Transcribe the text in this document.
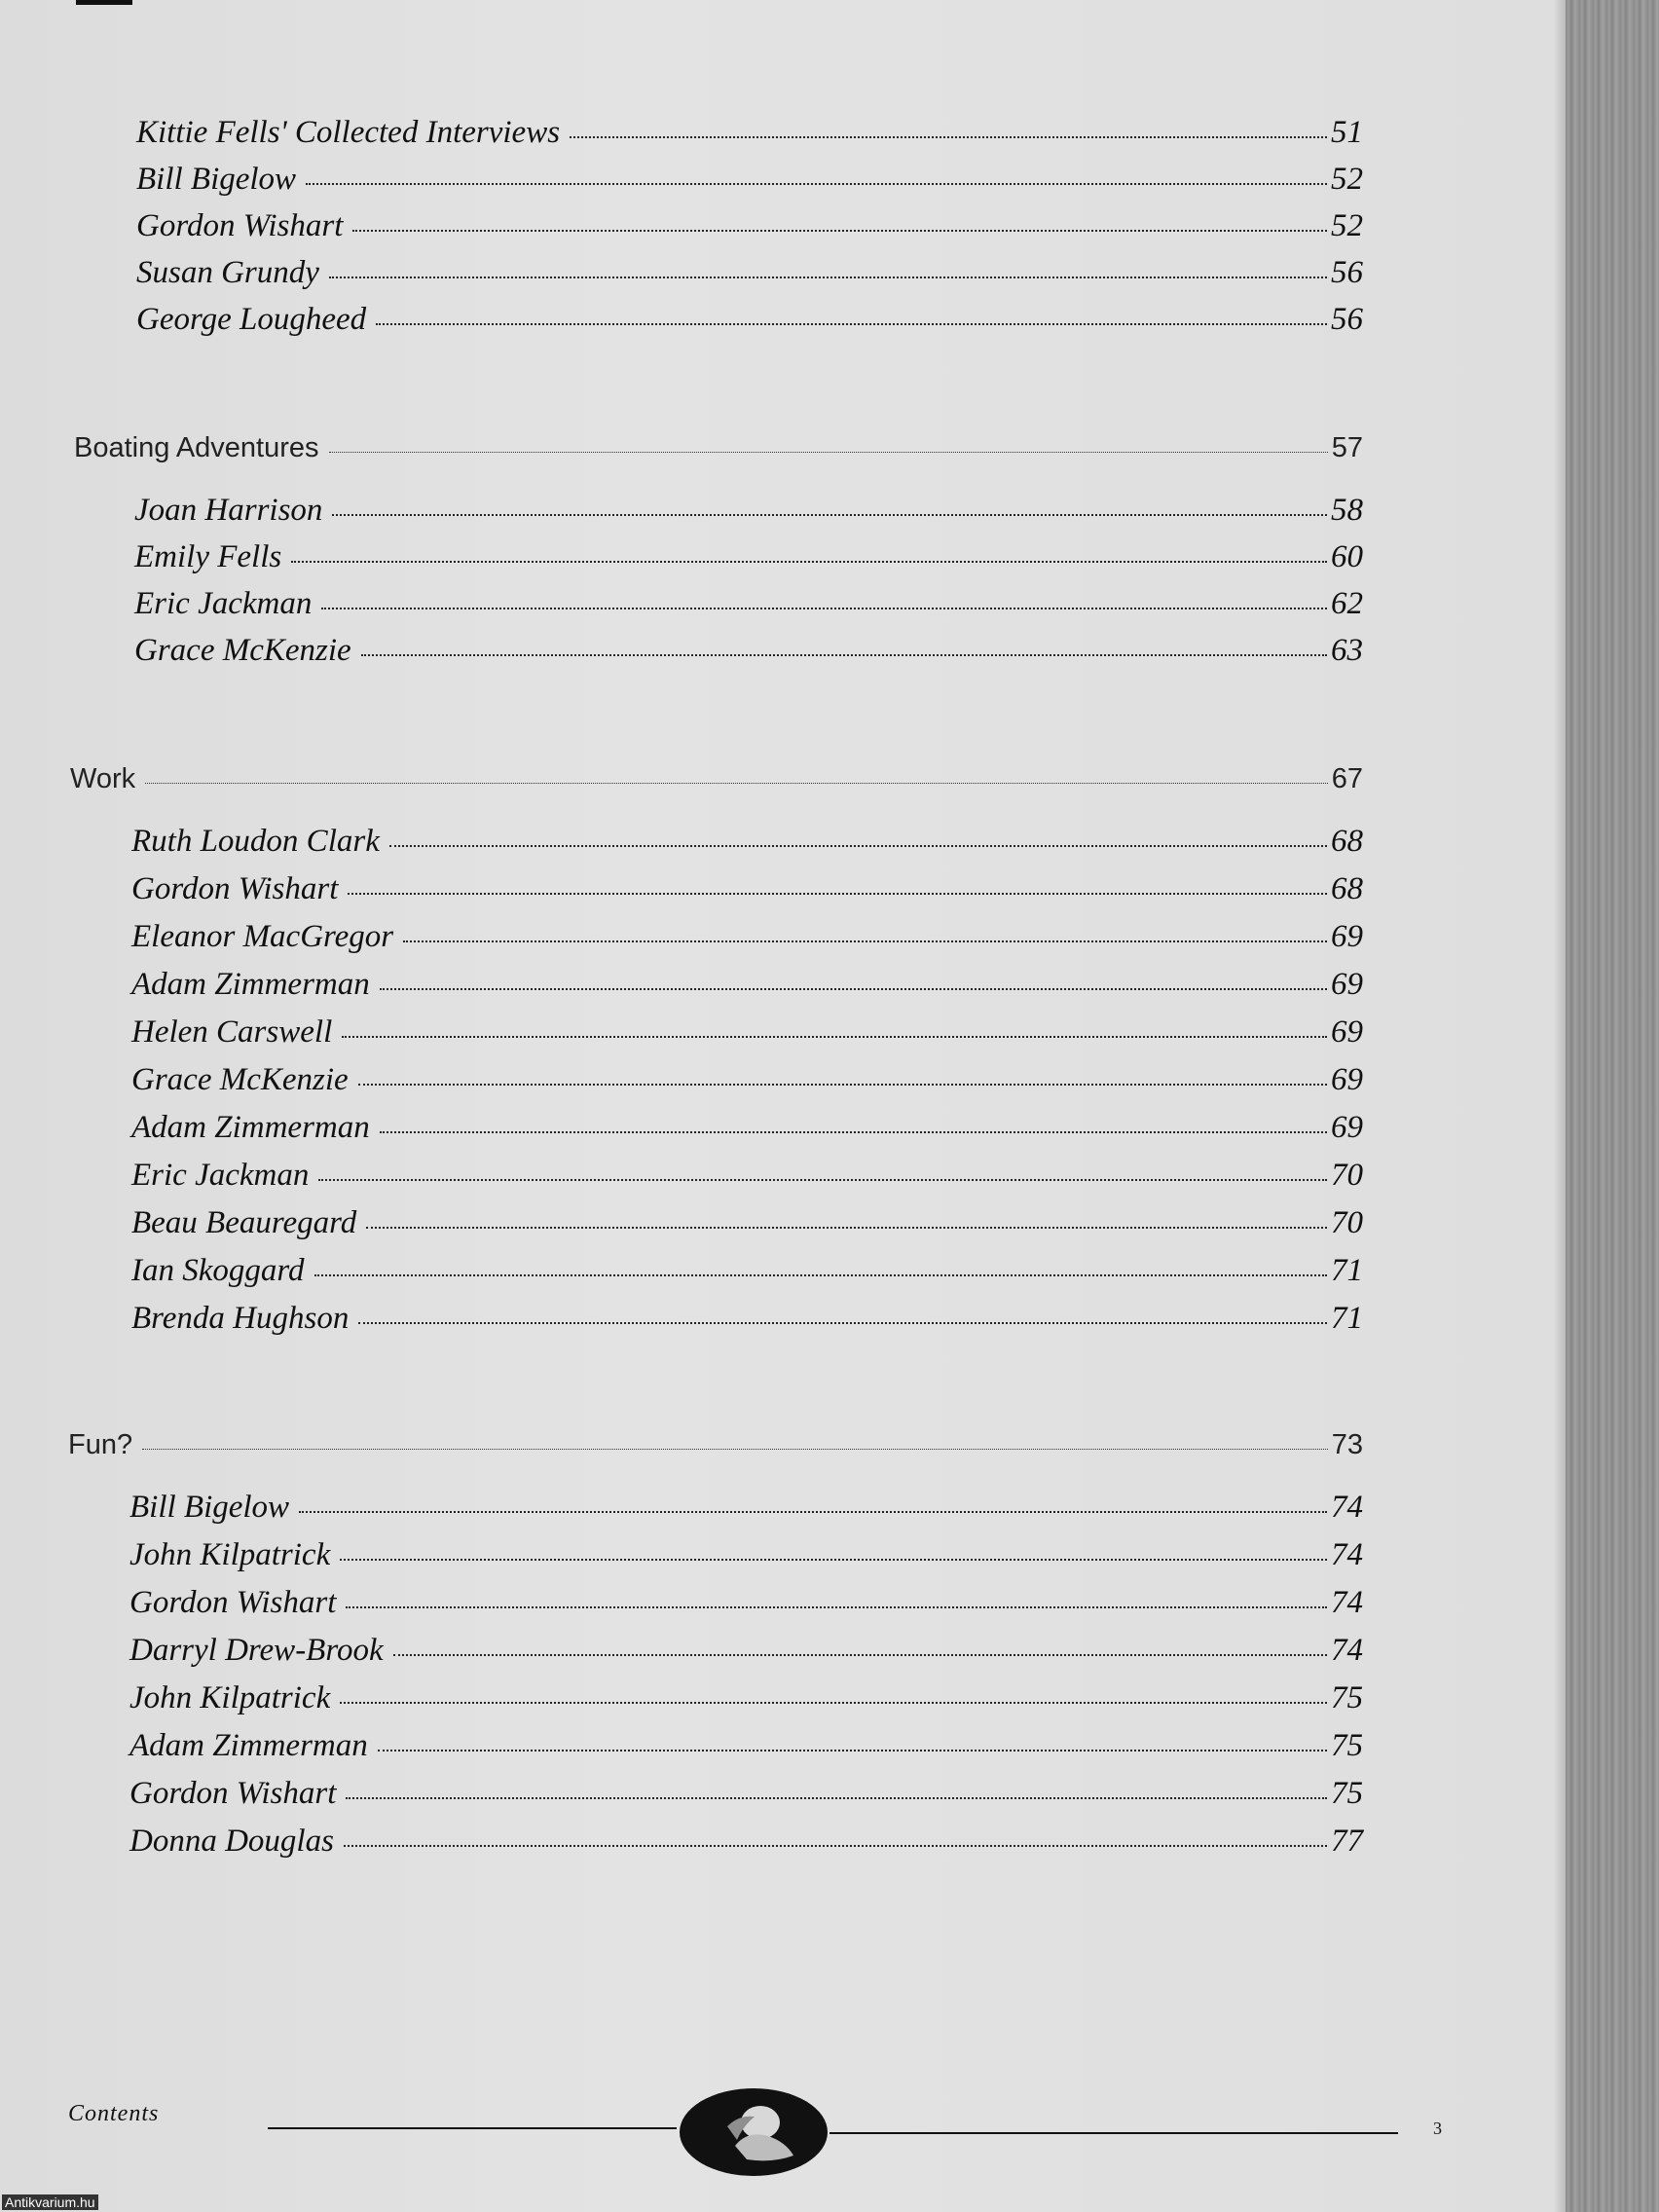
Kittie Fells' Collected Interviews	51
Bill Bigelow	52
Gordon Wishart	52
Susan Grundy	56
George Lougheed	56
Boating Adventures	57
Joan Harrison	58
Emily Fells	60
Eric Jackman	62
Grace McKenzie	63
Work	67
Ruth Loudon Clark	68
Gordon Wishart	68
Eleanor MacGregor	69
Adam Zimmerman	69
Helen Carswell	69
Grace McKenzie	69
Adam Zimmerman	69
Eric Jackman	70
Beau Beauregard	70
Ian Skoggard	71
Brenda Hughson	71
Fun?	73
Bill Bigelow	74
John Kilpatrick	74
Gordon Wishart	74
Darryl Drew-Brook	74
John Kilpatrick	75
Adam Zimmerman	75
Gordon Wishart	75
Donna Douglas	77
Contents
3
Antikvarium.hu
